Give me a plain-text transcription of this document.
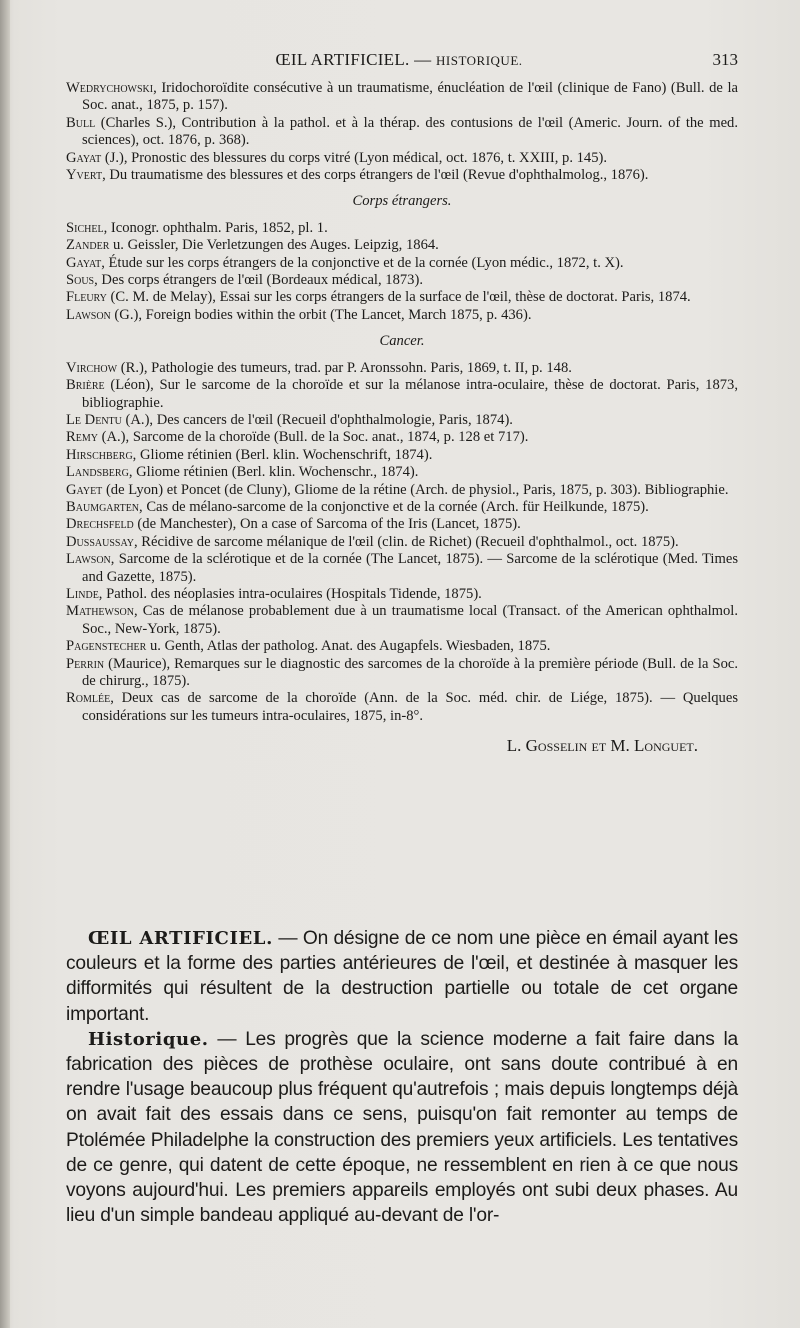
ŒIL ARTIFICIEL. — HISTORIQUE.	313

Wedrychowski, Iridochoroïdite consécutive à un traumatisme, énucléation de l'œil (clinique de Fano) (Bull. de la Soc. anat., 1875, p. 157).

Bull (Charles S.), Contribution à la pathol. et à la thérap. des contusions de l'œil (Americ. Journ. of the med. sciences), oct. 1876, p. 368).

Gayat (J.), Pronostic des blessures du corps vitré (Lyon médical, oct. 1876, t. XXIII, p. 145).

Yvert, Du traumatisme des blessures et des corps étrangers de l'œil (Revue d'ophthalmolog., 1876).

Corps étrangers.

Sichel, Iconogr. ophthalm. Paris, 1852, pl. 1.

Zander u. Geissler, Die Verletzungen des Auges. Leipzig, 1864.

Gayat, Étude sur les corps étrangers de la conjonctive et de la cornée (Lyon médic., 1872, t. X).

Sous, Des corps étrangers de l'œil (Bordeaux médical, 1873).

Fleury (C. M. de Melay), Essai sur les corps étrangers de la surface de l'œil, thèse de doctorat. Paris, 1874.

Lawson (G.), Foreign bodies within the orbit (The Lancet, March 1875, p. 436).

Cancer.

Virchow (R.), Pathologie des tumeurs, trad. par P. Aronssohn. Paris, 1869, t. II, p. 148.

Brière (Léon), Sur le sarcome de la choroïde et sur la mélanose intra-oculaire, thèse de doctorat. Paris, 1873, bibliographie.

Le Dentu (A.), Des cancers de l'œil (Recueil d'ophthalmologie, Paris, 1874).

Remy (A.), Sarcome de la choroïde (Bull. de la Soc. anat., 1874, p. 128 et 717).

Hirschberg, Gliome rétinien (Berl. klin. Wochenschrift, 1874).

Landsberg, Gliome rétinien (Berl. klin. Wochenschr., 1874).

Gayet (de Lyon) et Poncet (de Cluny), Gliome de la rétine (Arch. de physiol., Paris, 1875, p. 303). Bibliographie.

Baumgarten, Cas de mélano-sarcome de la conjonctive et de la cornée (Arch. für Heilkunde, 1875).

Drechsfeld (de Manchester), On a case of Sarcoma of the Iris (Lancet, 1875).

Dussaussay, Récidive de sarcome mélanique de l'œil (clin. de Richet) (Recueil d'ophthalmol., oct. 1875).

Lawson, Sarcome de la sclérotique et de la cornée (The Lancet, 1875). — Sarcome de la sclérotique (Med. Times and Gazette, 1875).

Linde, Pathol. des néoplasies intra-oculaires (Hospitals Tidende, 1875).

Mathewson, Cas de mélanose probablement due à un traumatisme local (Transact. of the American ophthalmol. Soc., New-York, 1875).

Pagenstecher u. Genth, Atlas der patholog. Anat. des Augapfels. Wiesbaden, 1875.

Perrin (Maurice), Remarques sur le diagnostic des sarcomes de la choroïde à la première période (Bull. de la Soc. de chirurg., 1875).

Romlée, Deux cas de sarcome de la choroïde (Ann. de la Soc. méd. chir. de Liége, 1875). — Quelques considérations sur les tumeurs intra-oculaires, 1875, in-8°.

L. Gosselin et M. Longuet.

ŒIL ARTIFICIEL. — On désigne de ce nom une pièce en émail ayant les couleurs et la forme des parties antérieures de l'œil, et destinée à masquer les difformités qui résultent de la destruction partielle ou totale de cet organe important.

Historique. — Les progrès que la science moderne a fait faire dans la fabrication des pièces de prothèse oculaire, ont sans doute contribué à en rendre l'usage beaucoup plus fréquent qu'autrefois ; mais depuis longtemps déjà on avait fait des essais dans ce sens, puisqu'on fait remonter au temps de Ptolémée Philadelphe la construction des premiers yeux artificiels. Les tentatives de ce genre, qui datent de cette époque, ne ressemblent en rien à ce que nous voyons aujourd'hui. Les premiers appareils employés ont subi deux phases. Au lieu d'un simple bandeau appliqué au-devant de l'or-
